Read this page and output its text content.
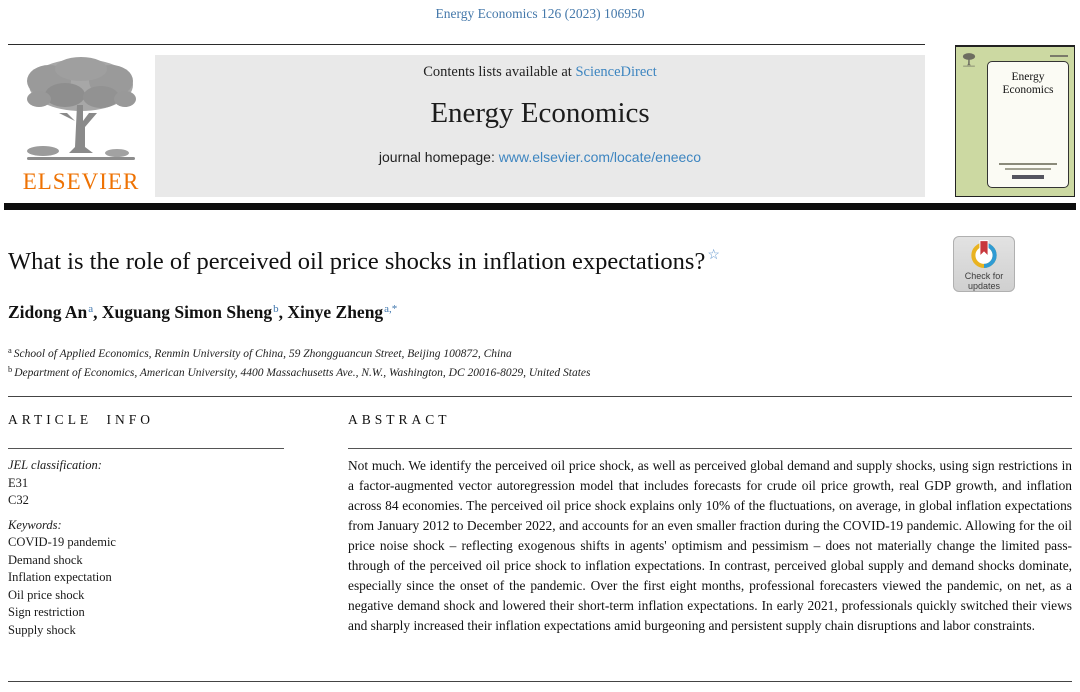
Energy Economics 126 (2023) 106950
ELSEVIER
Contents lists available at ScienceDirect
Energy Economics
journal homepage: www.elsevier.com/locate/eneeco
Energy
Economics
What is the role of perceived oil price shocks in inflation expectations? ☆
Check for
updates
Zidong An$^a$, Xuguang Simon Sheng$^b$, Xinye Zheng$^{a,*}$
$^a$ School of Applied Economics, Renmin University of China, 59 Zhongguancun Street, Beijing 100872, China
$^b$ Department of Economics, American University, 4400 Massachusetts Ave., N.W., Washington, DC 20016-8029, United States
ARTICLE INFO	ABSTRACT
JEL classification:
E31
C32
Keywords:
COVID-19 pandemic
Demand shock
Inflation expectation
Oil price shock
Sign restriction
Supply shock
Not much. We identify the perceived oil price shock, as well as perceived global demand and supply shocks, using sign restrictions in a factor-augmented vector autoregression model that includes forecasts for crude oil price growth, real GDP growth, and inflation across 84 economies. The perceived oil price shock explains only 10% of the fluctuations, on average, in global inflation expectations from January 2012 to December 2022, and accounts for an even smaller fraction during the COVID-19 pandemic. Allowing for the oil price noise shock – reflecting exogenous shifts in agents' optimism and pessimism – does not materially change the limited pass-through of the perceived oil price shock to inflation expectations. In contrast, perceived global supply and demand shocks dominate, especially since the onset of the pandemic. Over the first eight months, professional forecasters viewed the pandemic, on net, as a negative demand shock and lowered their short-term inflation expectations. In early 2021, professionals quickly switched their views and sharply increased their inflation expectations amid burgeoning and persistent supply chain disruptions and labor constraints.
